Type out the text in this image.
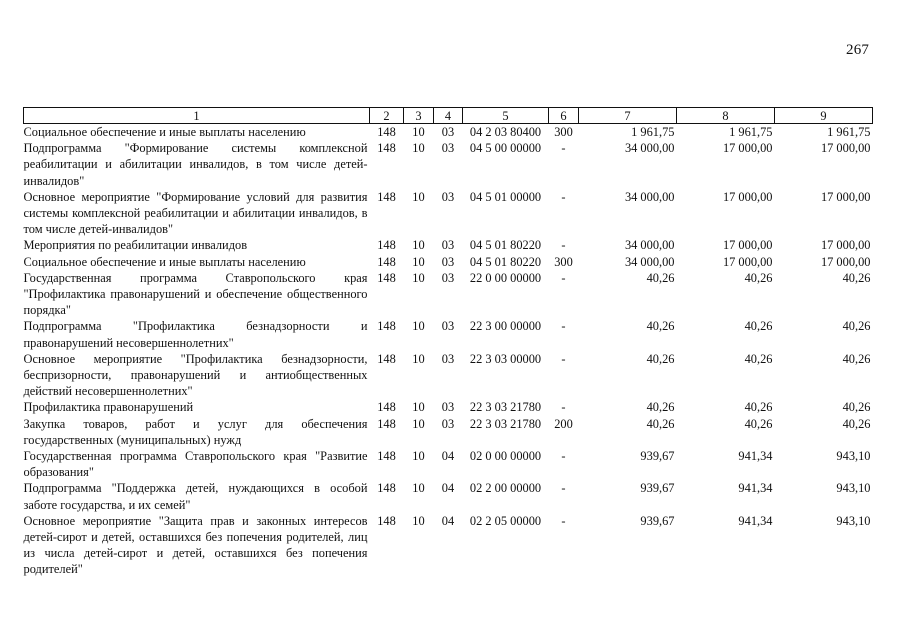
267
1	2	3	4	5	6	7	8	9
Социальное обеспечение и иные выплаты населению	148	10	03	04 2 03 80400	300	1 961,75	1 961,75	1 961,75
Подпрограмма "Формирование системы комплексной реабилитации и абилитации инвалидов, в том числе детей-инвалидов"	148	10	03	04 5 00 00000	-	34 000,00	17 000,00	17 000,00
Основное мероприятие "Формирование условий для развития системы комплексной реабилитации и абилитации инвалидов, в том числе детей-инвалидов"	148	10	03	04 5 01 00000	-	34 000,00	17 000,00	17 000,00
Мероприятия по реабилитации инвалидов	148	10	03	04 5 01 80220	-	34 000,00	17 000,00	17 000,00
Социальное обеспечение и иные выплаты населению	148	10	03	04 5 01 80220	300	34 000,00	17 000,00	17 000,00
Государственная программа Ставропольского края "Профилактика правонарушений и обеспечение общественного порядка"	148	10	03	22 0 00 00000	-	40,26	40,26	40,26
Подпрограмма "Профилактика безнадзорности и правонарушений несовершеннолетних"	148	10	03	22 3 00 00000	-	40,26	40,26	40,26
Основное мероприятие "Профилактика безнадзорности, беспризорности, правонарушений и антиобщественных действий несовершеннолетних"	148	10	03	22 3 03 00000	-	40,26	40,26	40,26
Профилактика правонарушений	148	10	03	22 3 03 21780	-	40,26	40,26	40,26
Закупка товаров, работ и услуг для обеспечения государственных (муниципальных) нужд	148	10	03	22 3 03 21780	200	40,26	40,26	40,26
Государственная программа Ставропольского края "Развитие образования"	148	10	04	02 0 00 00000	-	939,67	941,34	943,10
Подпрограмма "Поддержка детей, нуждающихся в особой заботе государства, и их семей"	148	10	04	02 2 00 00000	-	939,67	941,34	943,10
Основное мероприятие "Защита прав и законных интересов детей-сирот и детей, оставшихся без попечения родителей, лиц из числа детей-сирот и детей, оставшихся без попечения родителей"	148	10	04	02 2 05 00000	-	939,67	941,34	943,10
